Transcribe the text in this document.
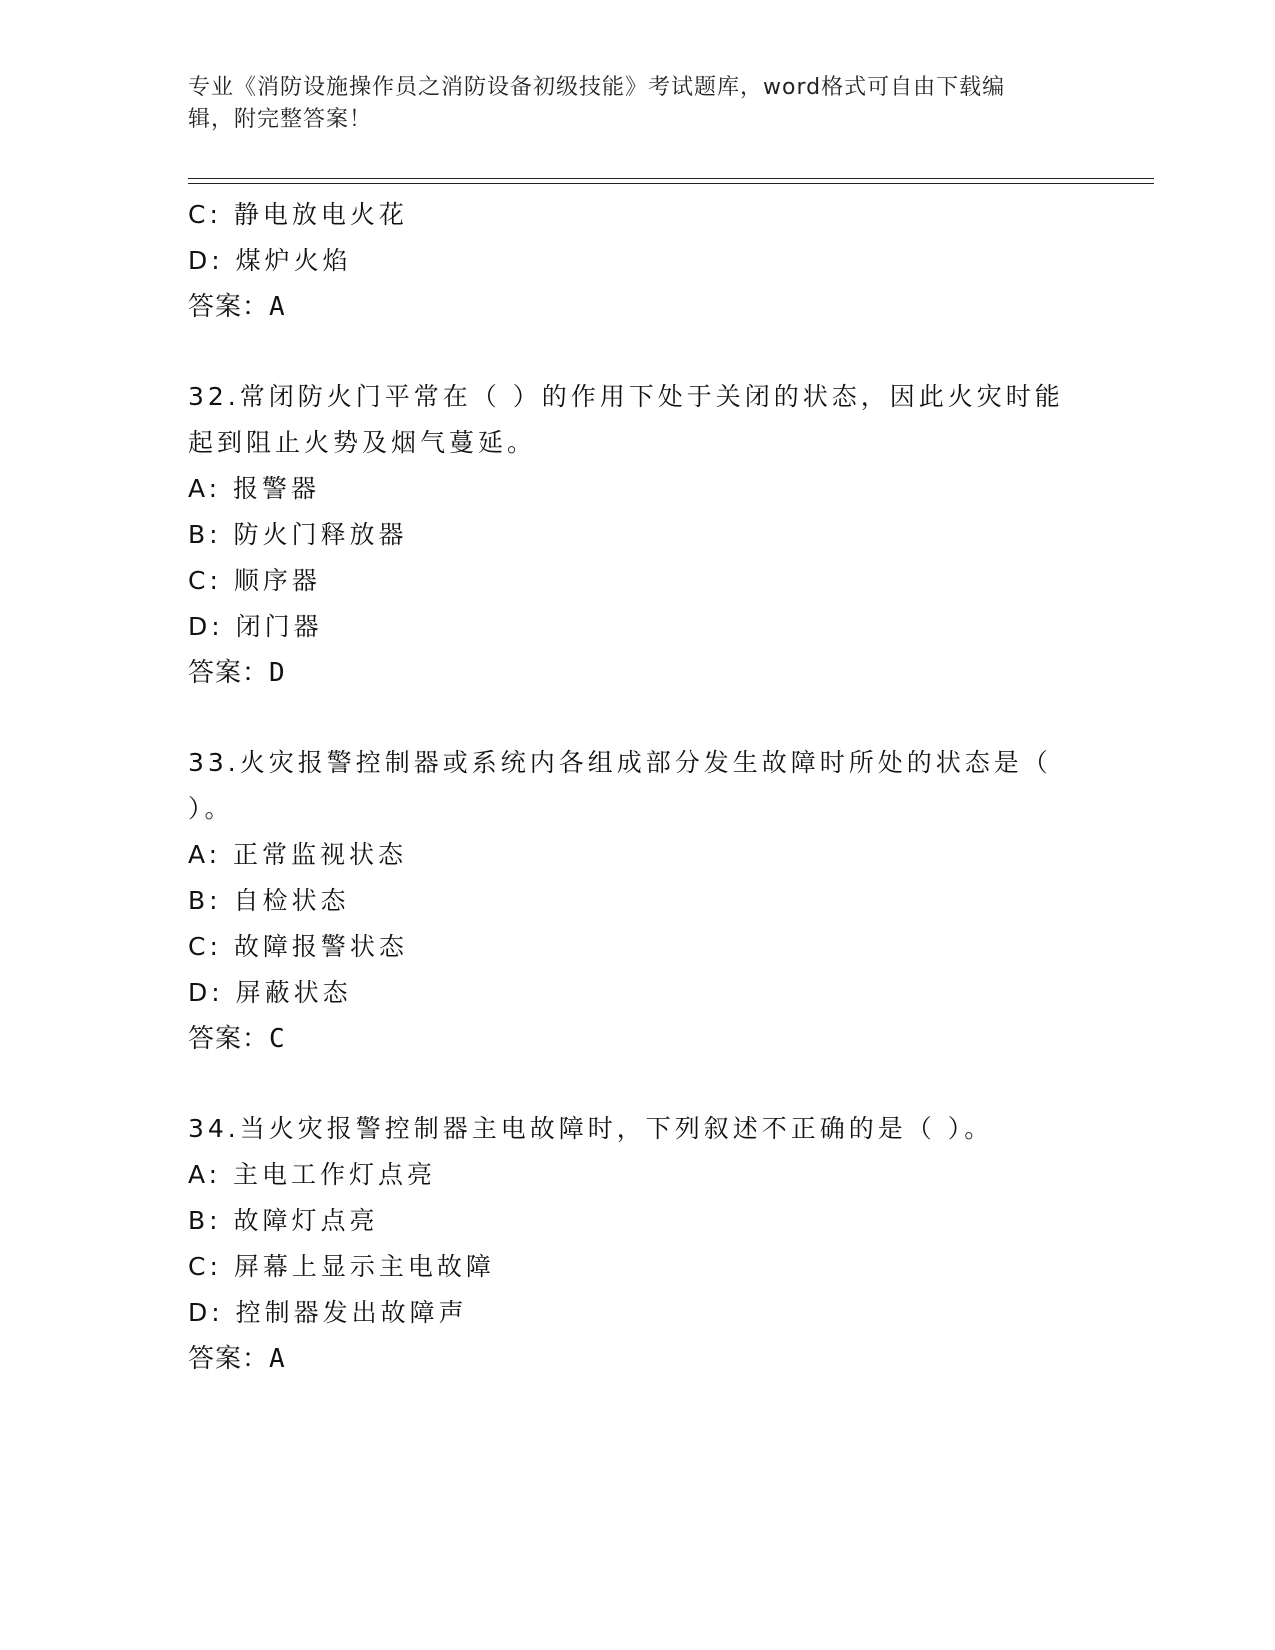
专业《消防设施操作员之消防设备初级技能》考试题库，word格式可自由下载编
辑，附完整答案！
C: 静电放电火花
D: 煤炉火焰
答案：A
32.常闭防火门平常在（ ）的作用下处于关闭的状态，因此火灾时能
起到阻止火势及烟气蔓延。
A: 报警器
B: 防火门释放器
C: 顺序器
D: 闭门器
答案：D
33.火灾报警控制器或系统内各组成部分发生故障时所处的状态是（
）。
A: 正常监视状态
B: 自检状态
C: 故障报警状态
D: 屏蔽状态
答案：C
34.当火灾报警控制器主电故障时，下列叙述不正确的是（ ）。
A: 主电工作灯点亮
B: 故障灯点亮
C: 屏幕上显示主电故障
D: 控制器发出故障声
答案：A
